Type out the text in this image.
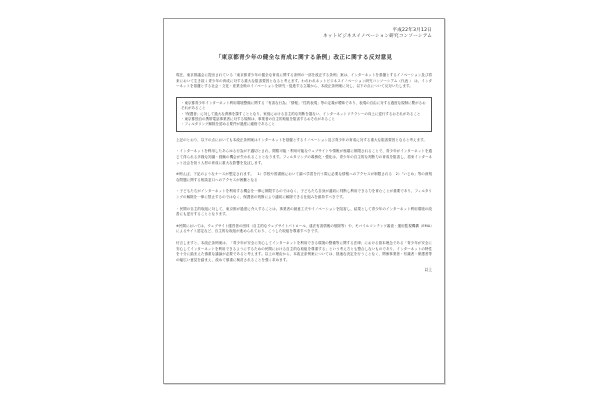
平成22年3月12日
ネットビジネスイノベーション研究コンソーシアム
「東京都青少年の健全な育成に関する条例」改正に関する反対意見
現在、東京都議会に提出されている「東京都青少年の健全な育成に関する条例の一部を改正する条例」案は、インターネットを基盤とするイノベーション及び将来において生き抜く青少年の育成に対する重大な阻害要因となると考えます。われわれネットビジネスイノベーション研究コンソーシアム（代表 ） は、インターネットを基盤とする社会・文化・産業全般のイノベーションを研究・促進する立場から、本改正条例案に対し、以下の点について反対いたします。
・東京都青少年インターネット利用環境整備に関する「有害な行為」「情報」「性的表現」等の定義が曖昧であり、表現の自由に対する過度な規制に繋がるおそれがあること
・「保護者」に対して過大な責務を課すこととなり、家庭における自主的な判断を損ない、インターネットリテラシーの向上に逆行するおそれがあること
・東京都独自の携帯電話事業者に対する規制は、事業者の自主的取組を阻害するおそれがあること
・フィルタリング解除を認める要件が過度に厳格であること
上記のとおり、以下の点においても本改正条例案はインターネットを基盤とするイノベーション及び青少年の育成に対する重大な阻害要因となると考えます。
・インターネットを利用したあらゆる行為が不適切とされ、閲覧可能・利用可能なウェブサイトや情報が極端に制限されることで、青少年がインターネットを通じて得られる多様な知識・経験の機会が失われることとなります。フィルタリングの義務化・強化は、青少年の自主的な判断力の育成を阻害し、将来インターネット社会を担う人材の育成に重大な影響を及ぼします。
※例えば、下記のようなケースが想定されます。　1）学校や図書館において調べ学習を行う際に必要な情報へのアクセスが制限される　2）「いじめ」等の深刻な問題に関する相談窓口へのアクセスが困難となる
・子どもたちがインターネットを利用する機会を一律に制限するのではなく、子どもたち自身が適切に判断し利用できる力を育むことが重要であり、フィルタリングの解除を一律に禁止するのではなく、保護者の判断により適切に解除できる仕組みを維持すべきです。
・民間の自主的取組に対して、東京都が過度に介入することは、事業者の創意工夫やイノベーションを阻害し、結果として青少年のインターネット利用環境の改善にも逆行することとなります。
※民間においては、ウェブサイト運営者の団体（自主的なウェブサイトパトロール、違法有害情報の削除等）や、モバイルコンテンツ審査・運用監視機構（EMA）によるサイト認定など、自主的な取組が進められており、こうした取組を尊重すべきです。
付言しますと、本改正条例案は、「青少年が安全に安心してインターネットを利用できる環境の整備等に関する法律」における基本理念である「青少年が安全に安心してインターネットを利用できるようにするための民間における自主的な取組を尊重する」という考え方とも整合しないものであり、インターネットの特性を十分に踏まえた慎重な議論が必要であると考えます。以上の理由から、本改正条例案については、拙速な決定を行うことなく、関係事業者・有識者・保護者等の幅広い意見を踏まえ、改めて慎重に検討されることを強く求めます。
以上
